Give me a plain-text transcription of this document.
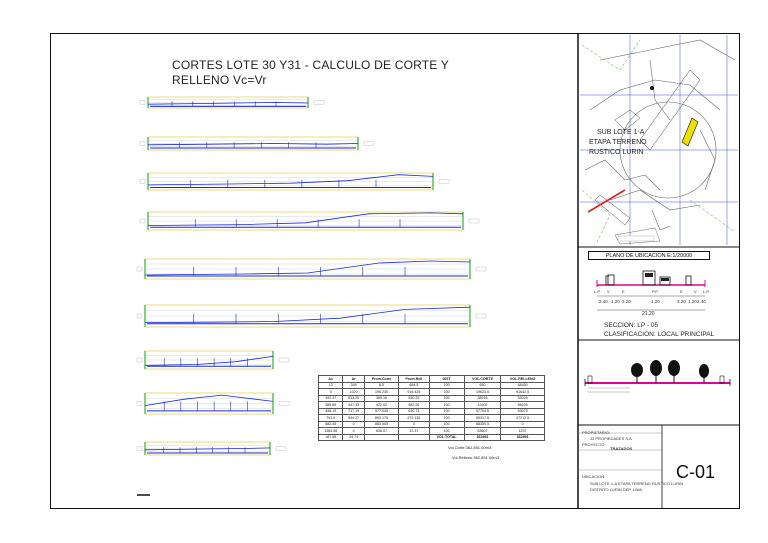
CORTES LOTE 30 Y31 - CALCULO DE CORTE Y
RELLENO Vc=Vr
SUB LOTE 1-A
ETAPA TERRENO
RUSTICO LURIN
PLANO DE UBICACION E:1/20000
L.P. V	E	P.P.	E	V L.P.
2.40 1.20 3.20	1.20	3.20 1.20 2.40
21.20
SECCION: LP - 05
CLASIFICACION: LOCAL PRINCIPAL
PROPIETARIO:
J3 PROPIEDADES S.A
PROYECTO:
TRAZADOS
UBICACION:
SUB LOTE 1-A ETAPA TERRENO RUSTICO LURIN
DISTRITO LURIN DEP. LIMA
C-01
Ac	Ar	Prom.Corte	Prom.Rell	DIST	VOL.CORTE	VOL.RELLENO
13	349	6.5	684.5	100	650	68450
0	1020	196.235	916.425	100	19623.5	91642.5
392.47	613.25	389.16	530.29	100	38916	53029
385.85	447.33	422.02	582.26	100	42202	58226
458.19	717.19	577.045	630.73	100	57704.5	63073
703.9	544.27	693.175	272.135	100	69317.5	27213.5
682.45	0	883.505	0	100	88350.5	0
1084.56	0	636.07	12.37	100	63607	1237
187.58	24.74			VOL.TOTAL	362891	362891
Vol.Corte:362,891.00m3
Vol.Relleno:362,891.00m3
